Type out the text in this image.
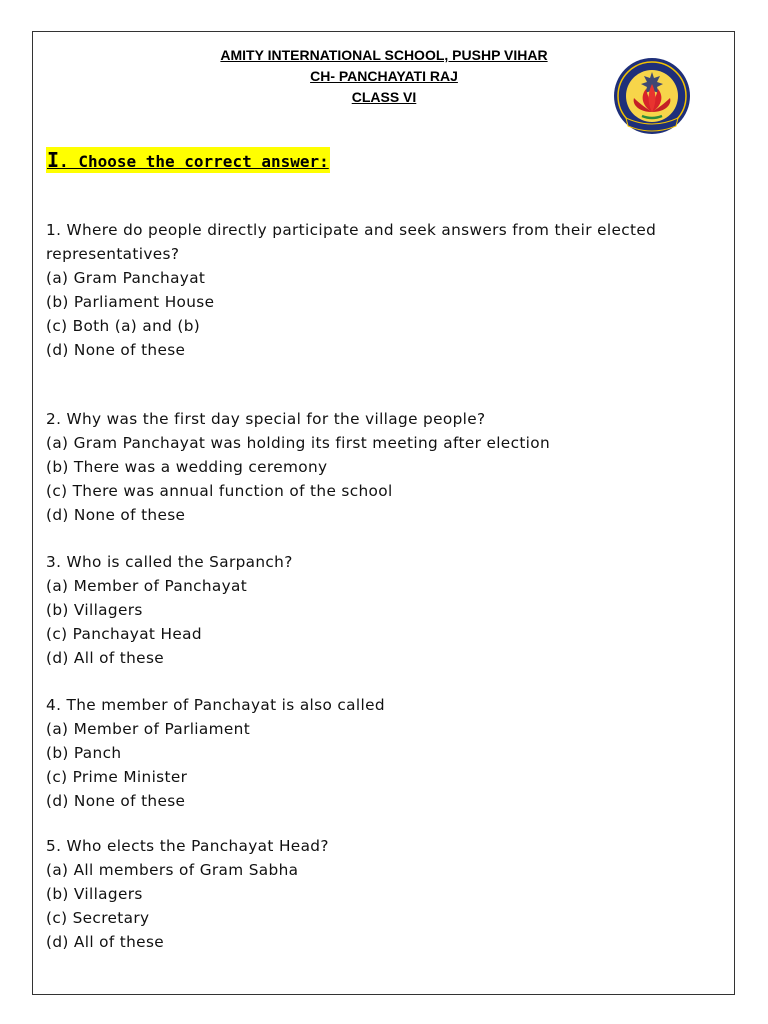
AMITY INTERNATIONAL SCHOOL, PUSHP VIHAR
CH- PANCHAYATI RAJ
CLASS VI
I. Choose the correct answer:
1. Where do people directly participate and seek answers from their elected
representatives?
(a) Gram Panchayat
(b) Parliament House
(c) Both (a) and (b)
(d) None of these
2. Why was the first day special for the village people?
(a) Gram Panchayat was holding its first meeting after election
(b) There was a wedding ceremony
(c) There was annual function of the school
(d) None of these
3. Who is called the Sarpanch?
(a) Member of Panchayat
(b) Villagers
(c) Panchayat Head
(d) All of these
4. The member of Panchayat is also called
(a) Member of Parliament
(b) Panch
(c) Prime Minister
(d) None of these
5. Who elects the Panchayat Head?
(a) All members of Gram Sabha
(b) Villagers
(c) Secretary
(d) All of these
